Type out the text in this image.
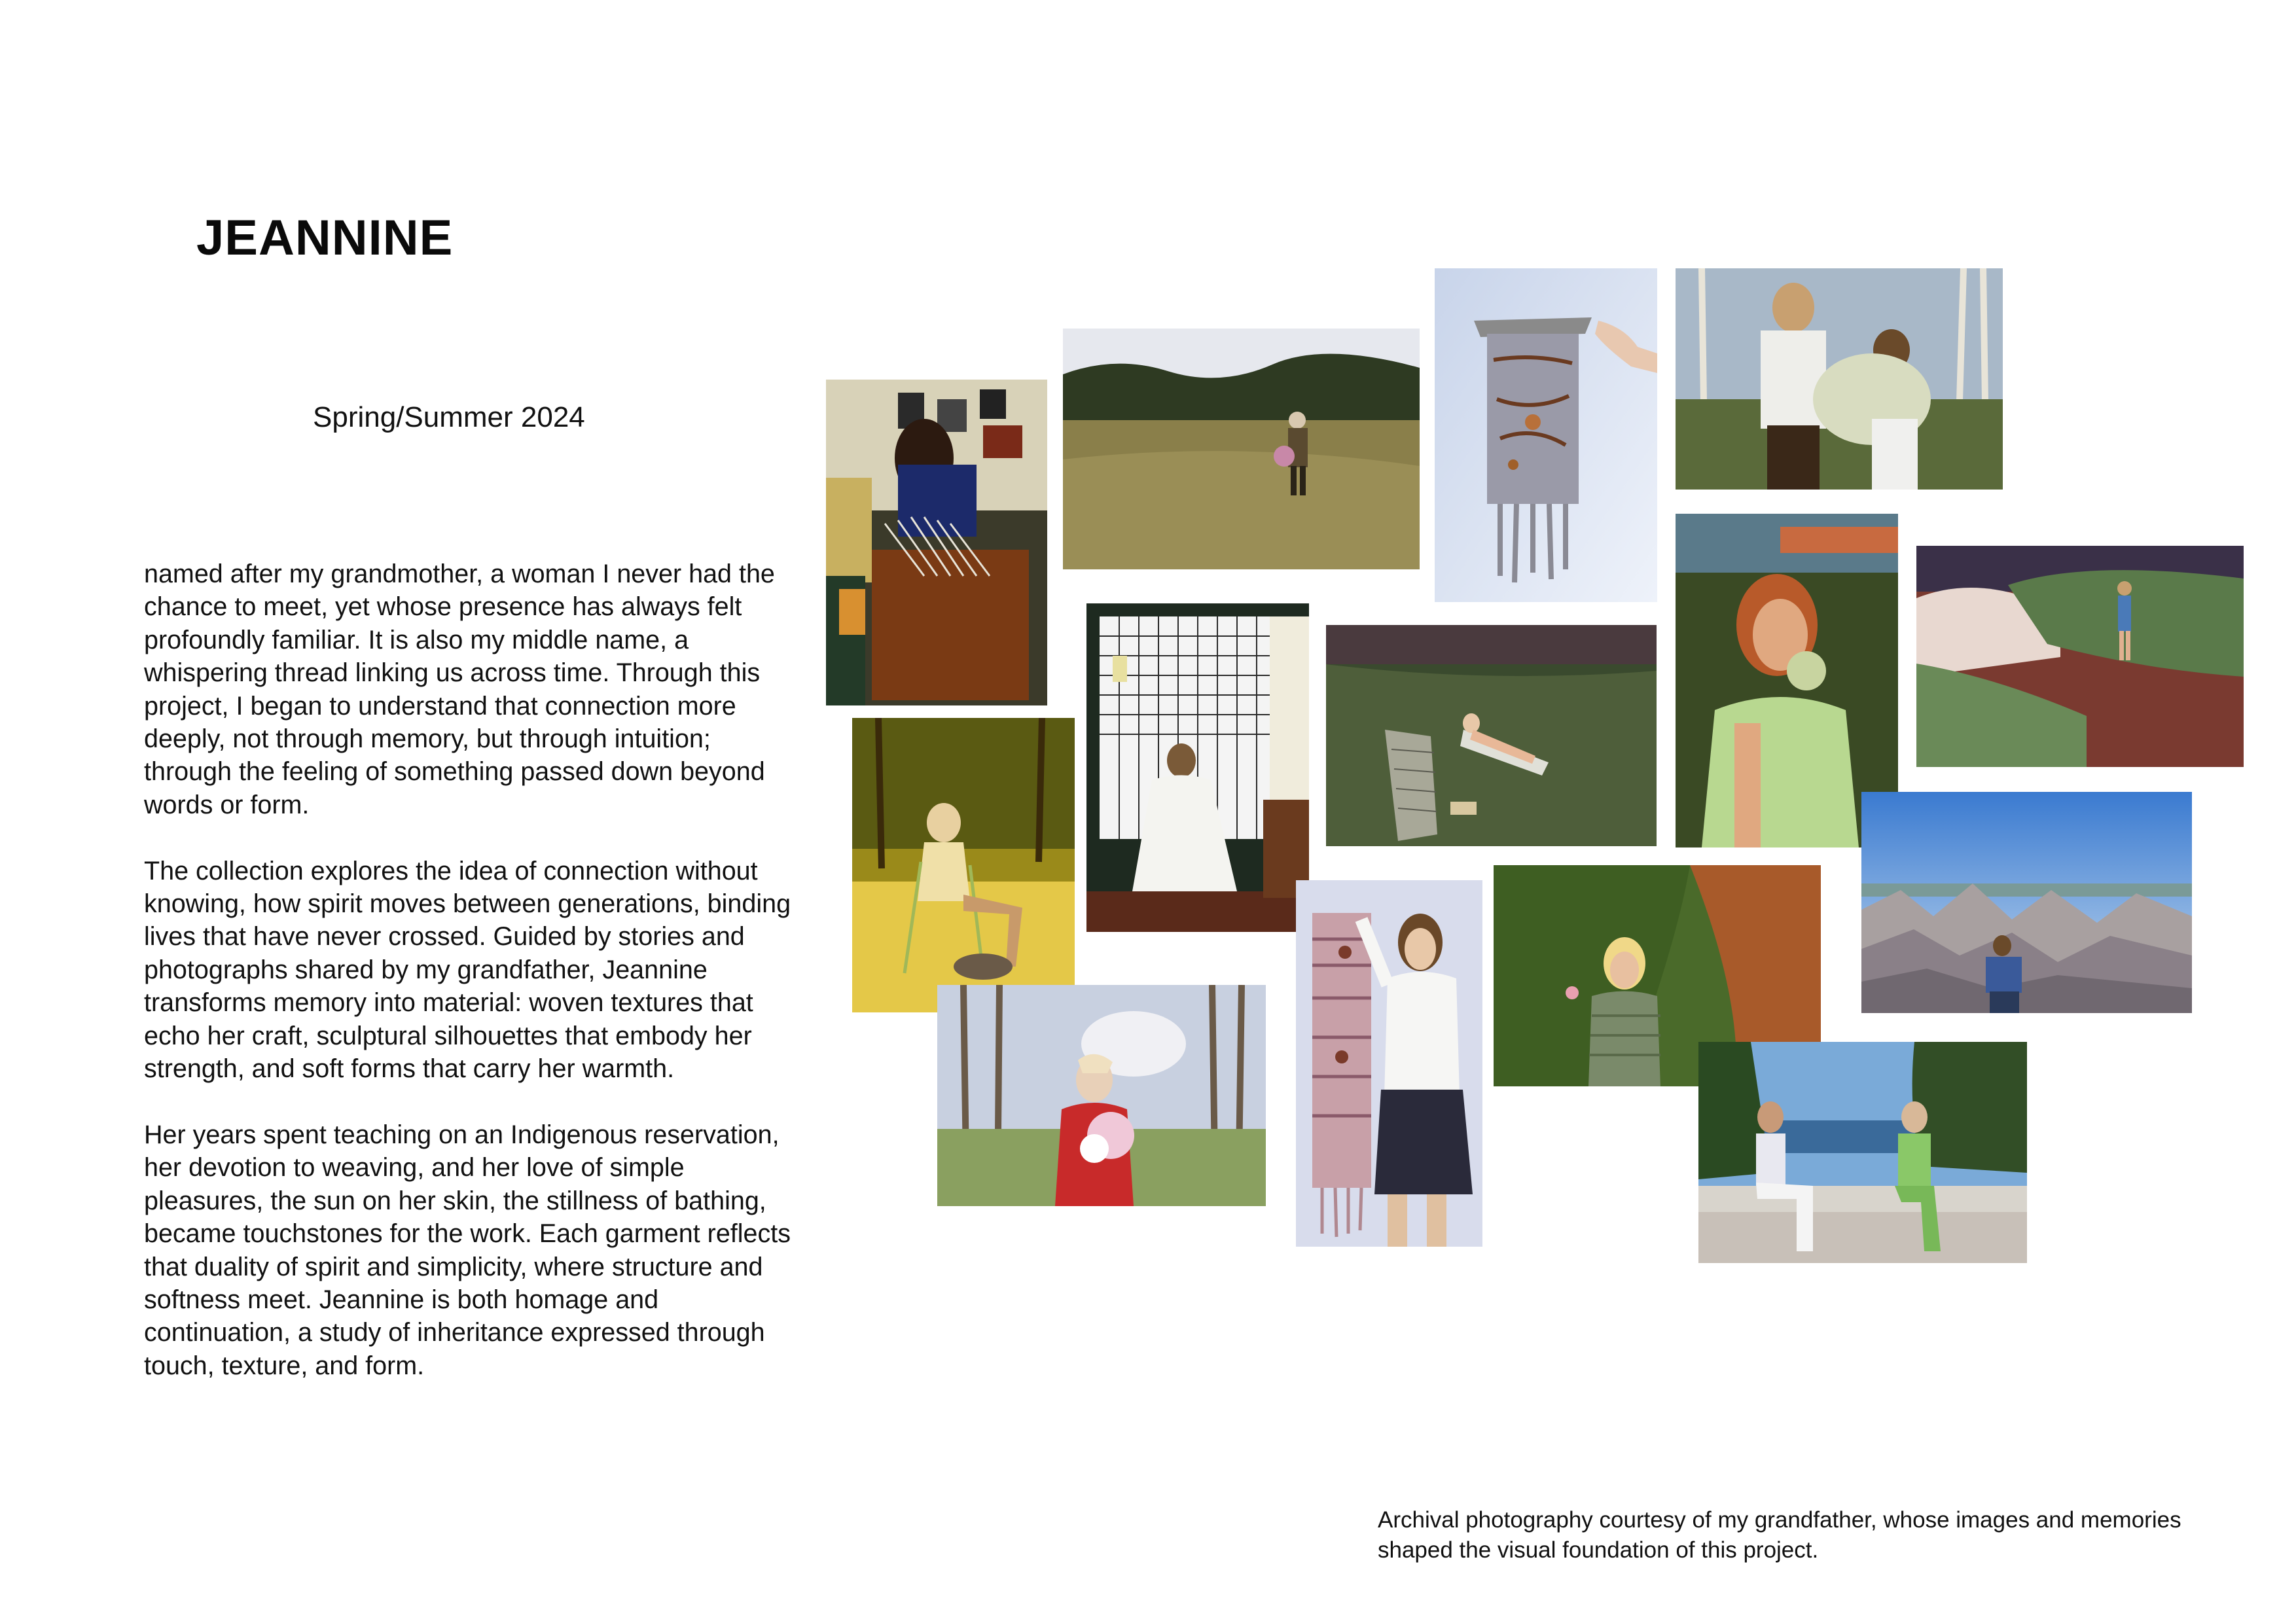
JEANNINE
Spring/Summer 2024

named after my grandmother, a woman I never had the chance to meet, yet whose presence has always felt profoundly familiar. It is also my middle name, a whispering thread linking us across time. Through this project, I began to understand that connection more deeply, not through memory, but through intuition; through the feeling of something passed down beyond words or form.

The collection explores the idea of connection without knowing, how spirit moves between generations, binding lives that have never crossed. Guided by stories and photographs shared by my grandfather, Jeannine transforms memory into material: woven textures that echo her craft, sculptural silhouettes that embody her strength, and soft forms that carry her warmth.

Her years spent teaching on an Indigenous reservation, her devotion to weaving, and her love of simple pleasures, the sun on her skin, the stillness of bathing, became touchstones for the work. Each garment reflects that duality of spirit and simplicity, where structure and softness meet. Jeannine is both homage and continuation, a study of inheritance expressed through touch, texture, and form.

Archival photography courtesy of my grandfather, whose images and memories shaped the visual foundation of this project.
